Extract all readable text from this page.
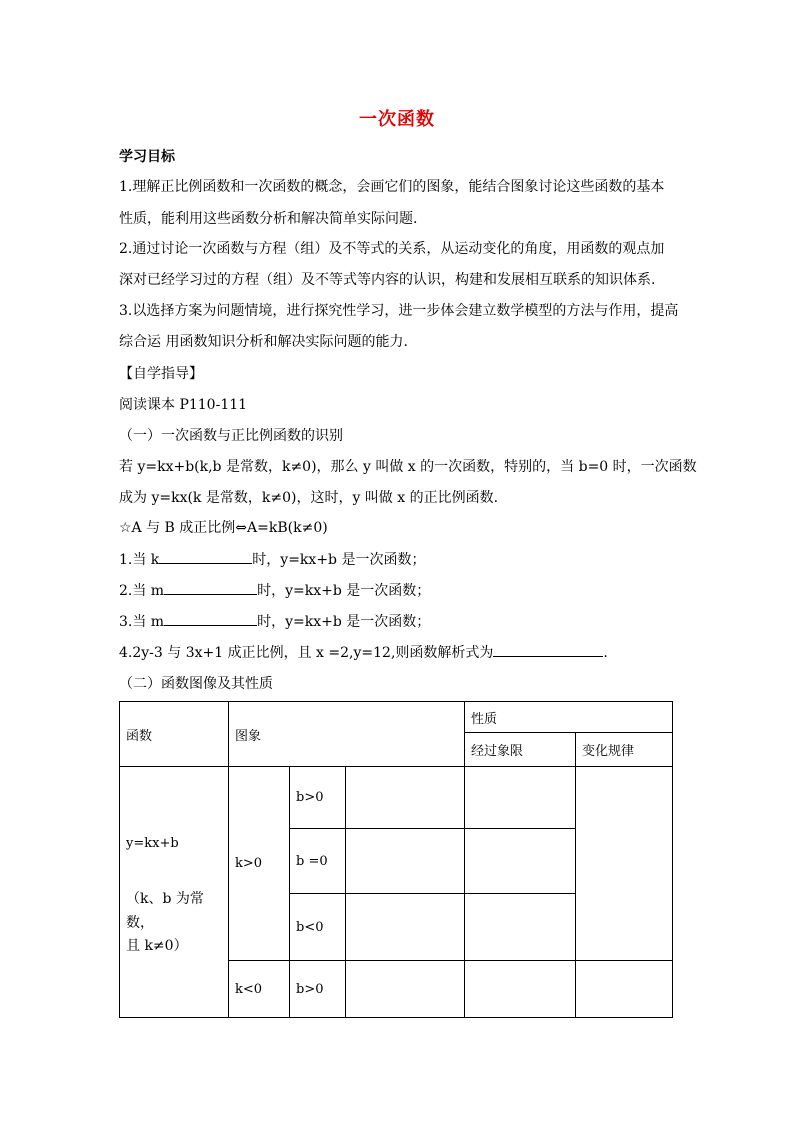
一次函数
学习目标
1.理解正比例函数和一次函数的概念，会画它们的图象，能结合图象讨论这些函数的基本
性质，能利用这些函数分析和解决简单实际问题.
2.通过讨论一次函数与方程（组）及不等式的关系，从运动变化的角度，用函数的观点加
深对已经学习过的方程（组）及不等式等内容的认识，构建和发展相互联系的知识体系.
3.以选择方案为问题情境，进行探究性学习，进一步体会建立数学模型的方法与作用，提高
综合运 用函数知识分析和解决实际问题的能力.
【自学指导】
阅读课本 P110-111
（一）一次函数与正比例函数的识别
若 y=kx+b(k,b 是常数，k≠0)，那么 y 叫做 x 的一次函数，特别的，当 b=0 时，一次函数
成为 y=kx(k 是常数，k≠0)，这时，y 叫做 x 的正比例函数.
☆A 与 B 成正比例⇔A=kB(k≠0)
1.当 k	时，y=kx+b 是一次函数；
2.当 m	时，y=kx+b 是一次函数；
3.当 m	时，y=kx+b 是一次函数；
4.2y-3 与 3x+1 成正比例，且 x =2,y=12,则函数解析式为	.
（二）函数图像及其性质
函数	图象			性质	
				经过象限	变化规律

y=kx+b
（k、b 为常数，
且 k≠0）	k>0	b>0			
		b =0			
		b<0			
	k<0	b>0			
